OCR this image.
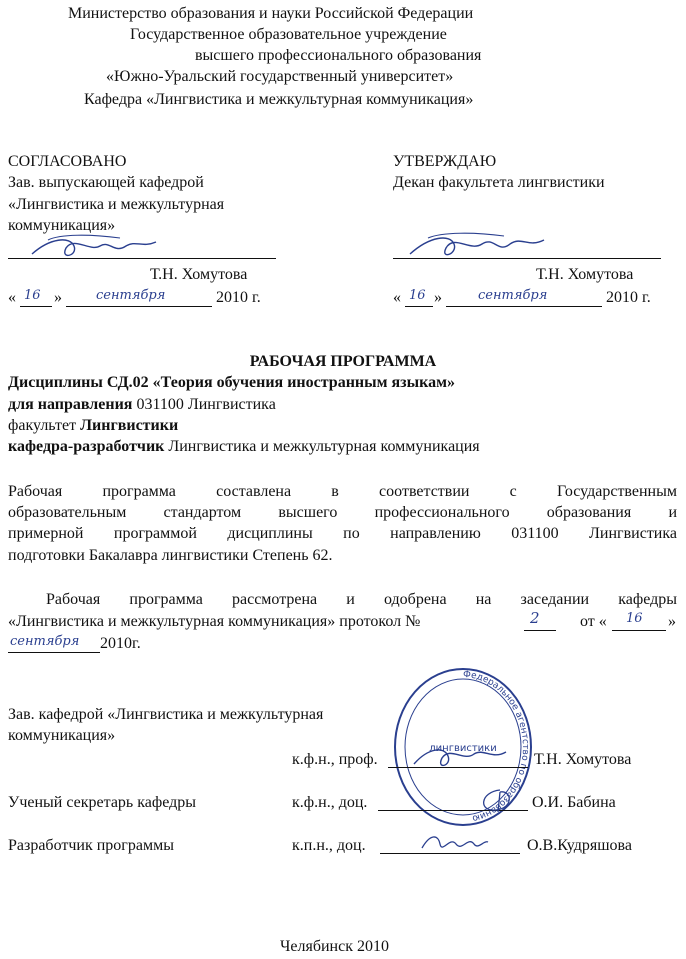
Министерство образования и науки Российской Федерации
Государственное образовательное учреждение
высшего профессионального образования
«Южно-Уральский государственный университет»
Кафедра «Лингвистика и межкультурная коммуникация»
СОГЛАСОВАНО
Зав. выпускающей кафедрой
«Лингвистика и межкультурная
коммуникация»
Т.Н. Хомутова
« 16 »	сентября	2010 г.
УТВЕРЖДАЮ
Декан факультета лингвистики
Т.Н. Хомутова
« 16 »	сентября	2010 г.
РАБОЧАЯ ПРОГРАММА
Дисциплины СД.02 «Теория обучения иностранным языкам»
для направления 031100 Лингвистика
факультет Лингвистики
кафедра-разработчик Лингвистика и межкультурная коммуникация
Рабочая программа составлена в соответствии с Государственным
образовательным стандартом высшего профессионального образования и
примерной программой дисциплины по направлению 031100 Лингвистика
подготовки Бакалавра лингвистики Степень 62.
Рабочая программа рассмотрена и одобрена на заседании кафедры
«Лингвистика и межкультурная коммуникация» протокол №	2	от « 16 »
сентября 2010г.
Федеральное агентство по образованию
лингвистики
Зав. кафедрой «Лингвистика и межкультурная
коммуникация»
к.ф.н., проф.	Т.Н. Хомутова
Ученый секретарь кафедры	к.ф.н., доц.	О.И. Бабина
Разработчик программы	к.п.н., доц.	О.В.Кудряшова
Челябинск 2010
